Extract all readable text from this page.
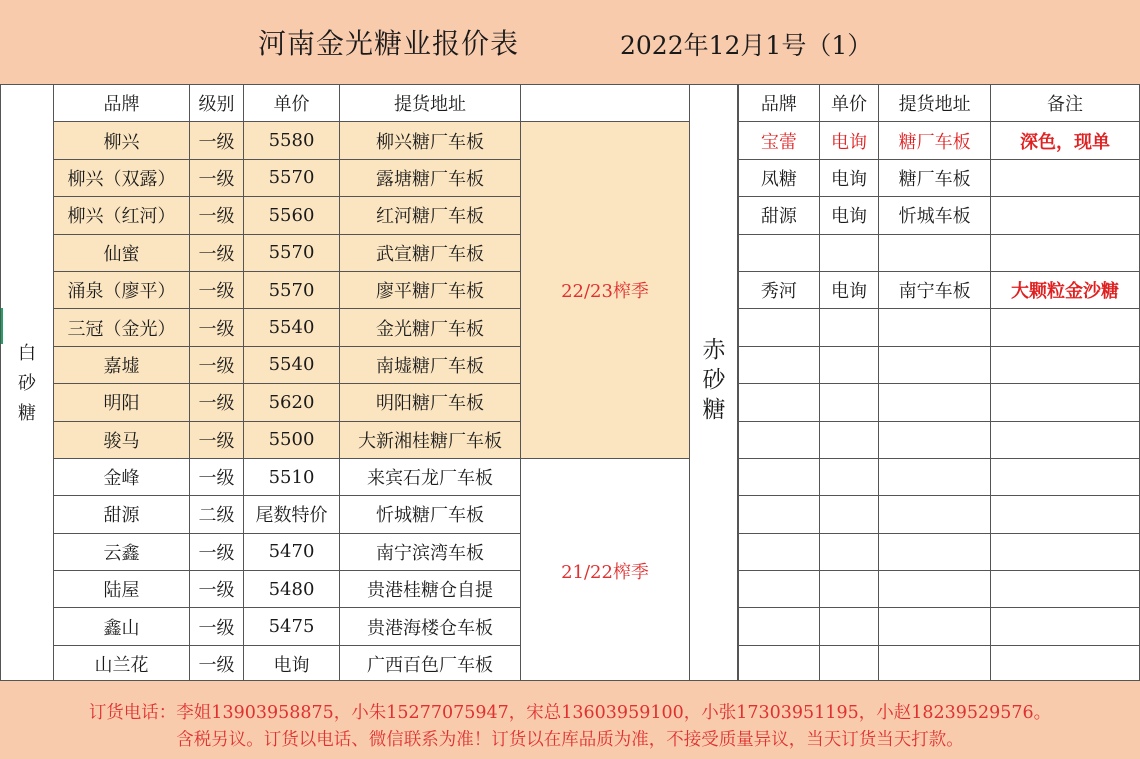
河南金光糖业报价表	2022年12月1号（1）
白
砂
糖	品牌	级别	单价	提货地址		
	柳兴	一级	5580	柳兴糖厂车板	22/23榨季	
	柳兴（双露）	一级	5570	露塘糖厂车板		
	柳兴（红河）	一级	5560	红河糖厂车板		
	仙蜜	一级	5570	武宣糖厂车板		
	涌泉（廖平）	一级	5570	廖平糖厂车板		
	三冠（金光）	一级	5540	金光糖厂车板		
	嘉墟	一级	5540	南墟糖厂车板		
	明阳	一级	5620	明阳糖厂车板		
	骏马	一级	5500	大新湘桂糖厂车板		
	金峰	一级	5510	来宾石龙厂车板	21/22榨季	
	甜源	二级	尾数特价	忻城糖厂车板		
	云鑫	一级	5470	南宁滨湾车板		
	陆屋	一级	5480	贵港桂糖仓自提		
	鑫山	一级	5475	贵港海楼仓车板		
	山兰花	一级	电询	广西百色厂车板		
品牌	单价	提货地址	备注
宝蕾	电询	糖厂车板	深色，现单
凤糖	电询	糖厂车板	
甜源	电询	忻城车板	

秀河	电询	南宁车板	大颗粒金沙糖

订货电话：李姐13903958875，小朱15277075947，宋总13603959100，小张17303951195，小赵18239529576。
含税另议。订货以电话、微信联系为准！订货以在库品质为准，不接受质量异议，当天订货当天打款。
赤
砂
糖
